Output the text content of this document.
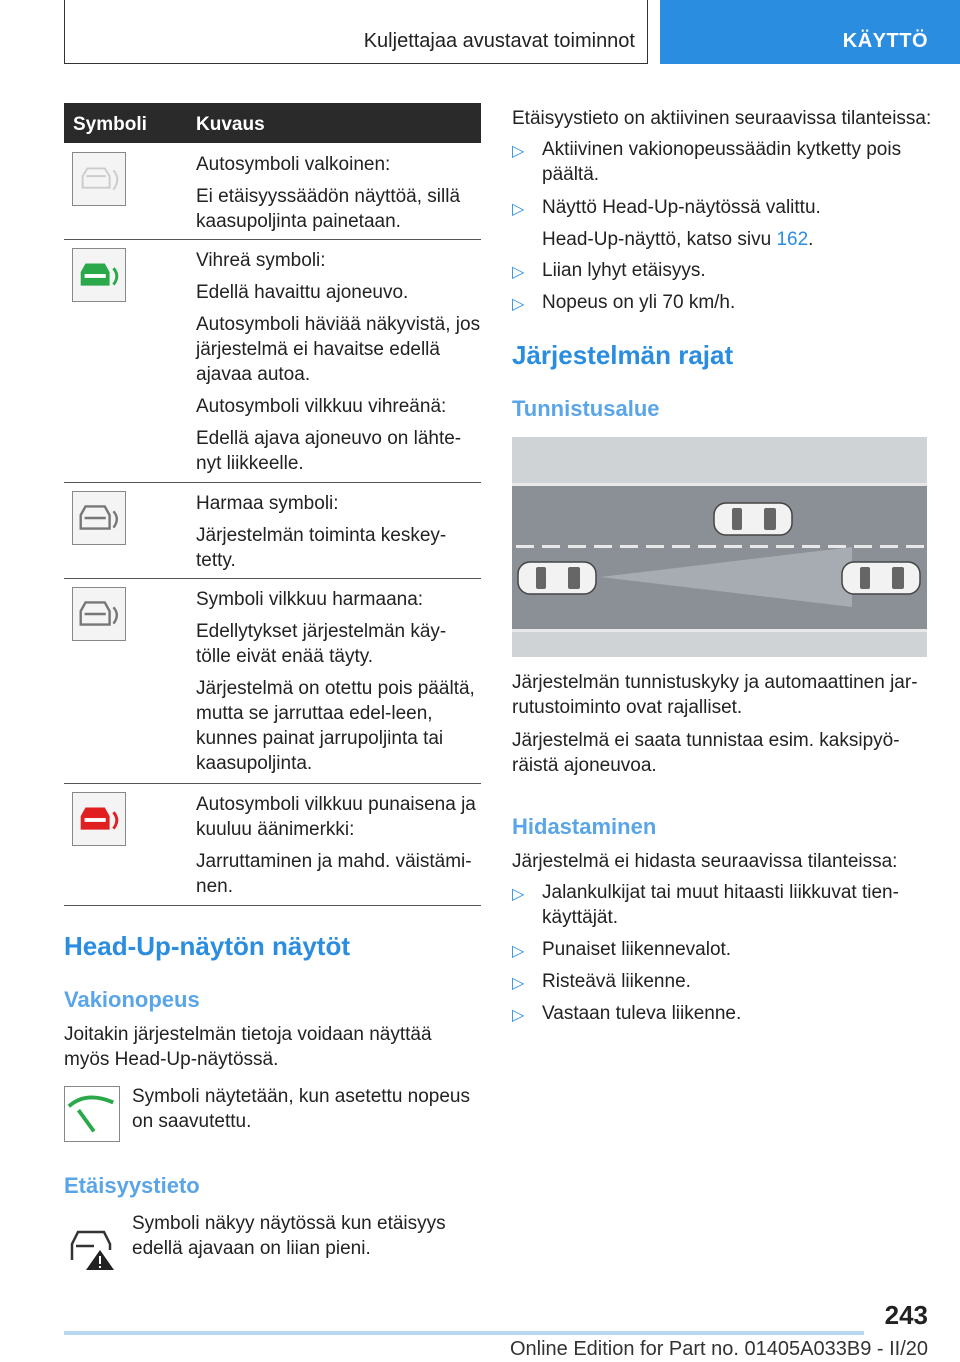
Kuljettajaa avustavat toiminnot	KÄYTTÖ
Symboli	Kuvaus

Autosymboli valkoinen:

Ei etäisyyssäädön näyttöä, sillä kaasupoljinta painetaan.

Vihreä symboli:

Edellä havaittu ajoneuvo.

Autosymboli häviää näkyvistä, jos järjestelmä ei havaitse edellä ajavaa autoa.

Autosymboli vilkkuu vihreänä:

Edellä ajava ajoneuvo on lähte-nyt liikkeelle.

Harmaa symboli:

Järjestelmän toiminta keskey-tetty.

Symboli vilkkuu harmaana:

Edellytykset järjestelmän käy-tölle eivät enää täyty.

Järjestelmä on otettu pois päältä, mutta se jarruttaa edel-leen, kunnes painat jarrupoljinta tai kaasupoljinta.

Autosymboli vilkkuu punaisena ja kuuluu äänimerkki:

Jarruttaminen ja mahd. väistämi-nen.

Head-Up-näytön näytöt
Vakionopeus
Joitakin järjestelmän tietoja voidaan näyttää myös Head-Up-näytössä.
Symboli näytetään, kun asetettu nopeus on saavutettu.
Etäisyystieto
Symboli näkyy näytössä kun etäisyys edellä ajavaan on liian pieni.
Etäisyystieto on aktiivinen seuraavissa tilanteissa:
▷ Aktiivinen vakionopeussäädin kytketty pois päältä.
▷ Näyttö Head-Up-näytössä valittu.
Head-Up-näyttö, katso sivu 162.
▷ Liian lyhyt etäisyys.
▷ Nopeus on yli 70 km/h.
Järjestelmän rajat
Tunnistusalue
Järjestelmän tunnistuskyky ja automaattinen jar-rutustoiminto ovat rajalliset.
Järjestelmä ei saata tunnistaa esim. kaksipyö-räistä ajoneuvoa.
Hidastaminen
Järjestelmä ei hidasta seuraavissa tilanteissa:
▷ Jalankulkijat tai muut hitaasti liikkuvat tien-käyttäjät.
▷ Punaiset liikennevalot.
▷ Risteävä liikenne.
▷ Vastaan tuleva liikenne.
243
Online Edition for Part no. 01405A033B9 - II/20
